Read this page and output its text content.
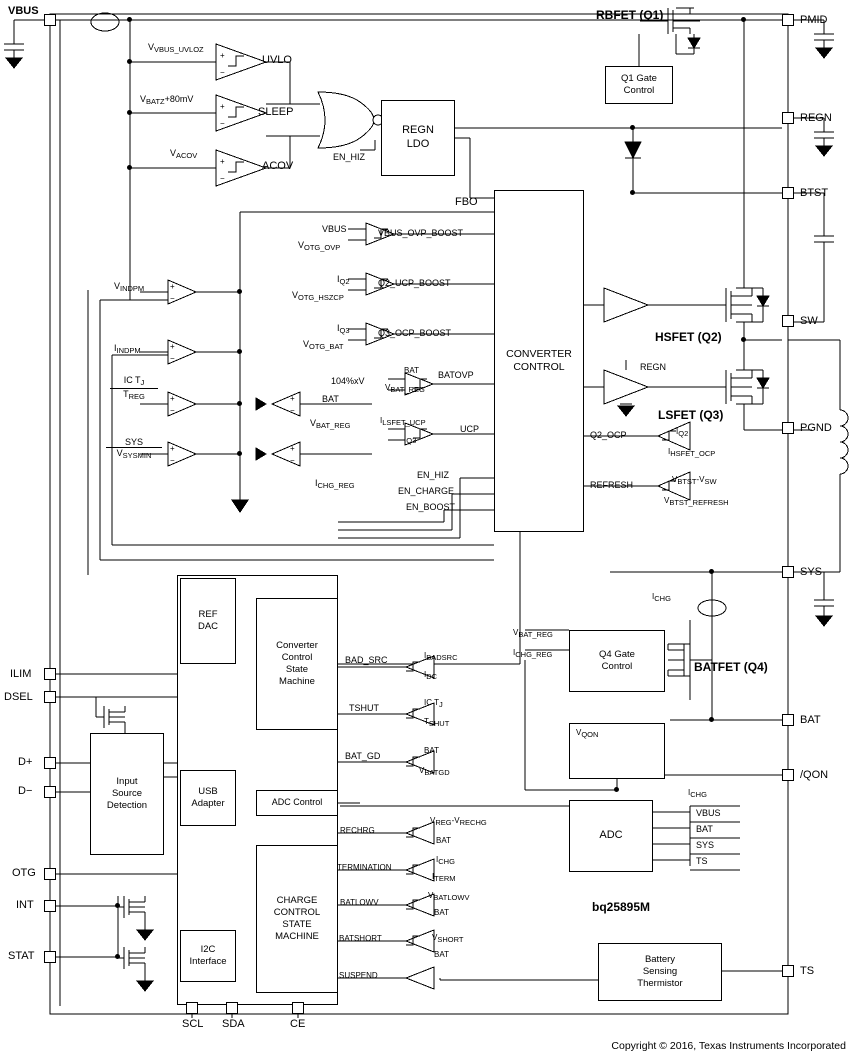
REGN
LDO
Q1 Gate
Control
CONVERTER
CONTROL
REF
DAC
USB
Adapter
I2C
Interface
Converter
Control
State
Machine
ADC Control
CHARGE
CONTROL
STATE
MACHINE
Input
Source
Detection
Q4 Gate
Control
ADC
Battery
Sensing
Thermistor
VBUS
BAT
SYS
TS
VBUS
ILIM
DSEL
D+
D−
OTG
INT
STAT
PMID
REGN
BTST
SW
PGND
SYS
BAT
/QON
TS
SCL SDA	CE
RBFET (Q1)
HSFET (Q2)
LSFET (Q3)
BATFET (Q4)
bq25895M
UVLO
SLEEP
ACOV
VBUS_OVP_BOOST
Q2_UCP_BOOST
Q3_OCP_BOOST
BATOVP
UCP
Q2_OCP
REFRESH
BAD_SRC
TSHUT
BAT_GD
RECHRG
TERMINATION
BATLOWV
BATSHORT
SUSPEND
FBO
EN_HIZ
EN_HIZ
EN_CHARGE
EN_BOOST
104%xV
REGN
$V_{INDPM}$
$I_{INDPM}$
IC $T_J$
$T_{REG}$
SYS
$V_{SYSMIN}$
+
−
+
−
+
−
+
−
+
−
+
−
+
−
+
−
+
−
$V_{VBUS\_UVLOZ}$
$V_{BATZ}+80mV$
$V_{ACOV}$
VBUS
$V_{OTG\_OVP}$
$I_{Q2}$
$V_{OTG\_HSZCP}$
$I_{Q3}$
$V_{OTG\_BAT}$
BAT
VBAT_REG
ILSFET_UCP
IQ3
BAT
$V_{BAT\_REG}$
$I_{CHG\_REG}$
IQ2
IHSFET_OCP
VBTST-VSW
VBTST_REFRESH
IBADSRC
IDC
IC TJ
TSHUT
BAT
VBATGD
VREG-VRECHG
BAT
ICHG
ITERM
VBATLOWV
BAT
VSHORT
BAT
VBAT_REG
ICHG_REG
ICHG
ICHG
VQON
Copyright © 2016, Texas Instruments Incorporated
